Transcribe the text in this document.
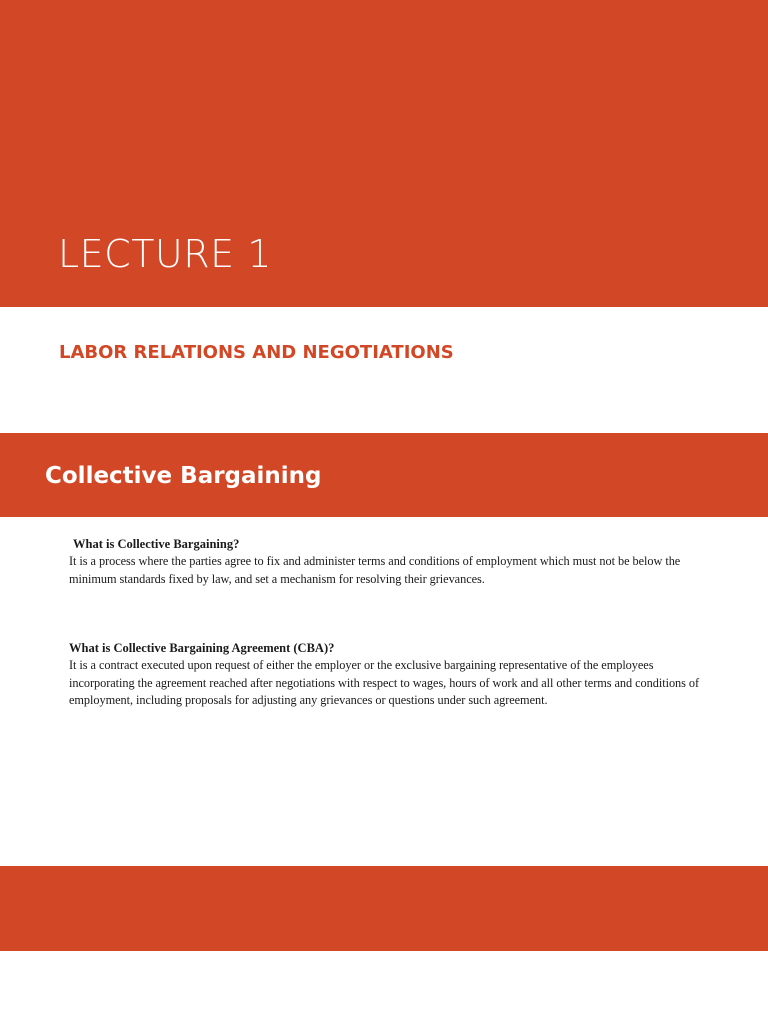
LECTURE 1
LABOR RELATIONS AND NEGOTIATIONS
Collective Bargaining

What is Collective Bargaining?

It is a process where the parties agree to fix and administer terms and conditions of employment which must not be below the minimum standards fixed by law, and set a mechanism for resolving their grievances.

What is Collective Bargaining Agreement (CBA)?

It is a contract executed upon request of either the employer or the exclusive bargaining representative of the employees incorporating the agreement reached after negotiations with respect to wages, hours of work and all other terms and conditions of employment, including proposals for adjusting any grievances or questions under such agreement.
